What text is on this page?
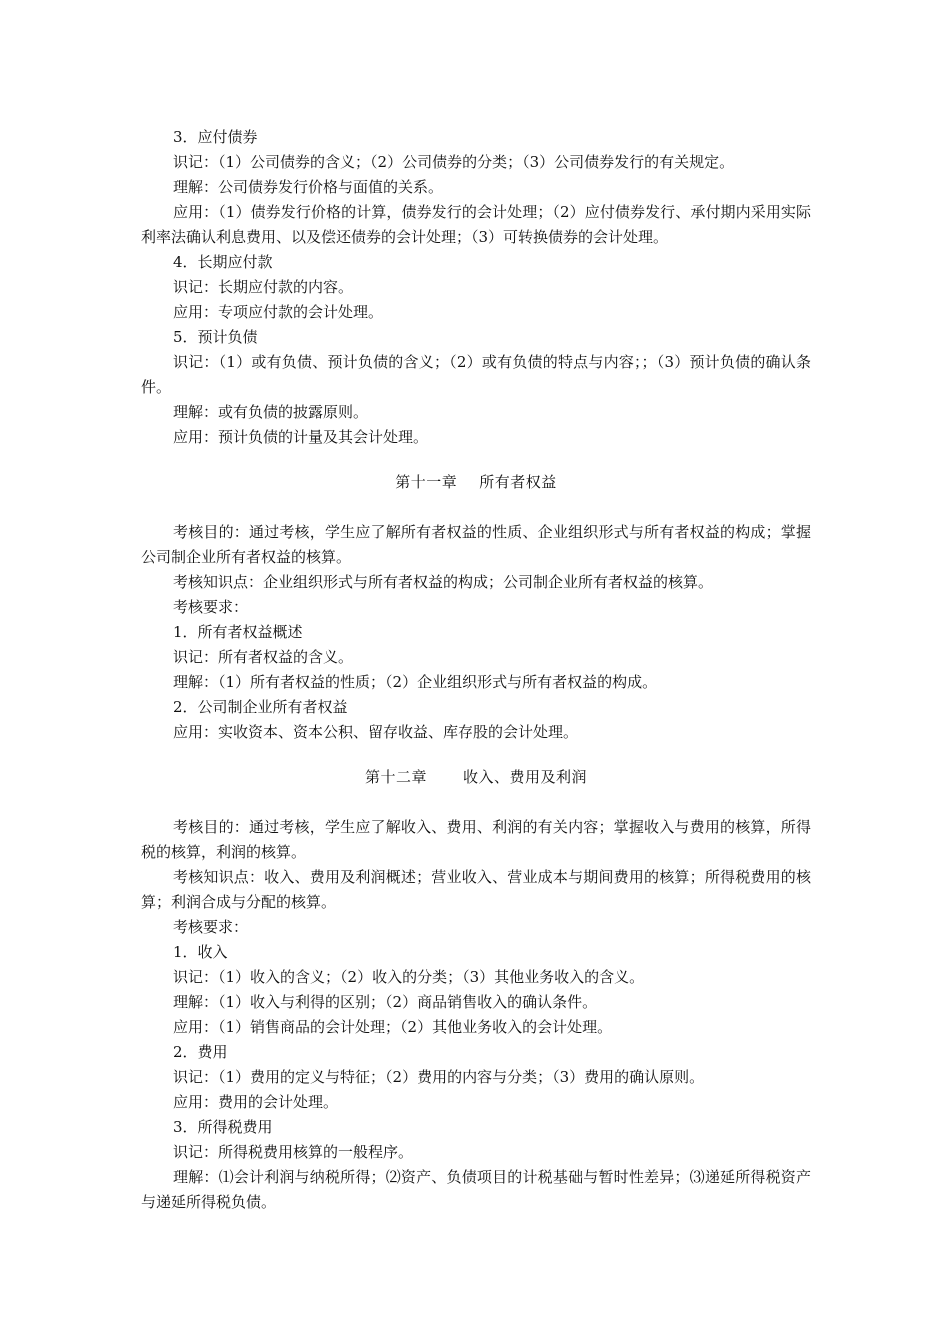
3．应付债券

识记：（1）公司债券的含义；（2）公司债券的分类；（3）公司债券发行的有关规定。

理解：公司债券发行价格与面值的关系。

应用：（1）债券发行价格的计算，债券发行的会计处理；（2）应付债券发行、承付期内采用实际利率法确认利息费用、以及偿还债券的会计处理；（3）可转换债券的会计处理。

4．长期应付款

识记：长期应付款的内容。

应用：专项应付款的会计处理。

5．预计负债

识记：（1）或有负债、预计负债的含义；（2）或有负债的特点与内容；；（3）预计负债的确认条件。

理解：或有负债的披露原则。

应用：预计负债的计量及其会计处理。

第十一章 所有者权益

考核目的：通过考核，学生应了解所有者权益的性质、企业组织形式与所有者权益的构成；掌握公司制企业所有者权益的核算。

考核知识点：企业组织形式与所有者权益的构成；公司制企业所有者权益的核算。

考核要求：

1．所有者权益概述

识记：所有者权益的含义。

理解：（1）所有者权益的性质；（2）企业组织形式与所有者权益的构成。

2．公司制企业所有者权益

应用：实收资本、资本公积、留存收益、库存股的会计处理。

第十二章 收入、费用及利润

考核目的：通过考核，学生应了解收入、费用、利润的有关内容；掌握收入与费用的核算，所得税的核算，利润的核算。

考核知识点：收入、费用及利润概述；营业收入、营业成本与期间费用的核算；所得税费用的核算；利润合成与分配的核算。

考核要求：

1．收入

识记：（1）收入的含义；（2）收入的分类；（3）其他业务收入的含义。

理解：（1）收入与利得的区别；（2）商品销售收入的确认条件。

应用：（1）销售商品的会计处理；（2）其他业务收入的会计处理。

2．费用

识记：（1）费用的定义与特征；（2）费用的内容与分类；（3）费用的确认原则。

应用：费用的会计处理。

3．所得税费用

识记：所得税费用核算的一般程序。

理解：⑴会计利润与纳税所得；⑵资产、负债项目的计税基础与暂时性差异；⑶递延所得税资产与递延所得税负债。
